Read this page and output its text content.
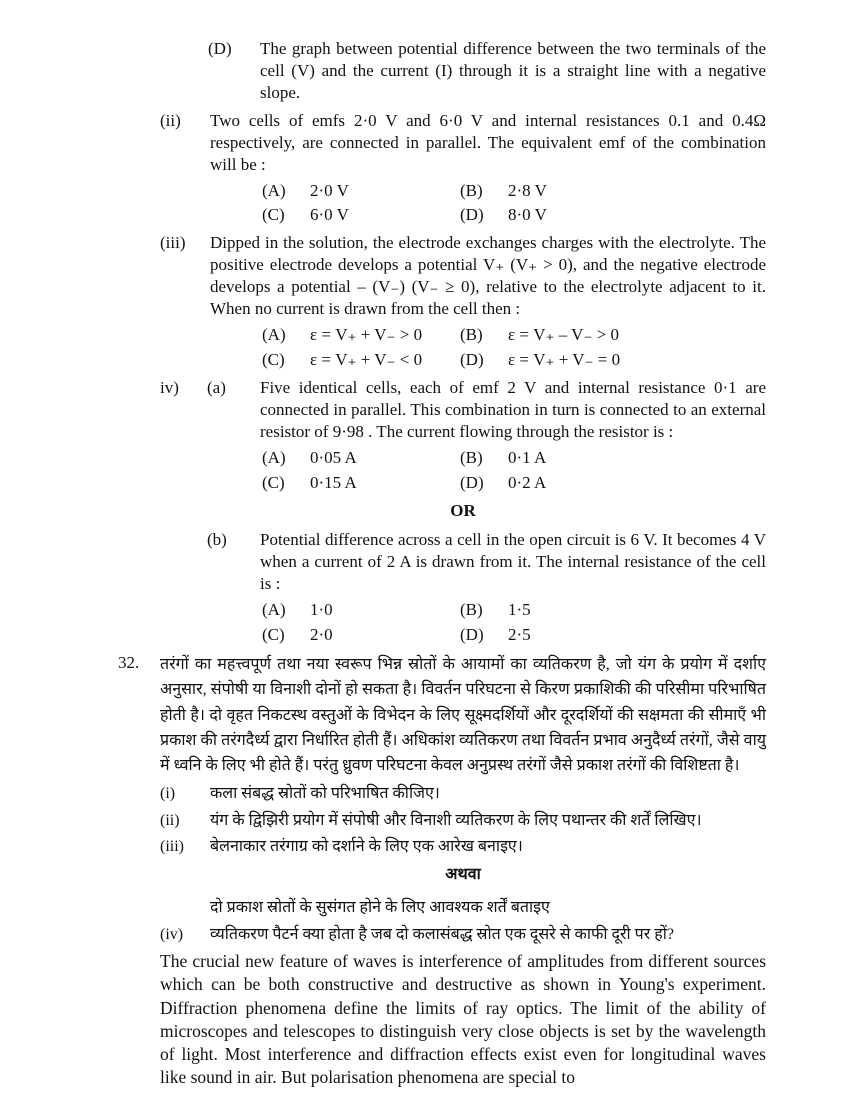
(D)	The graph between potential difference between the two terminals of the cell (V) and the current (I) through it is a straight line with a negative slope.
(ii)	Two cells of emfs 2·0 V and 6·0 V and internal resistances 0.1 and 0.4Ω respectively, are connected in parallel. The equivalent emf of the combination will be :
(A)	2·0 V	(B)	2·8 V
(C)	6·0 V	(D)	8·0 V
(iii)	Dipped in the solution, the electrode exchanges charges with the electrolyte. The positive electrode develops a potential V₊ (V₊ > 0), and the negative electrode develops a potential – (V₋) (V₋ ≥ 0), relative to the electrolyte adjacent to it. When no current is drawn from the cell then :
(A)	ε = V₊ + V₋ > 0	(B)	ε = V₊ – V₋ > 0
(C)	ε = V₊ + V₋ < 0	(D)	ε = V₊ + V₋ = 0
iv)	(a)	Five identical cells, each of emf 2 V and internal resistance 0·1 are connected in parallel. This combination in turn is connected to an external resistor of 9·98 . The current flowing through the resistor is :
(A)	0·05 A	(B)	0·1 A
(C)	0·15 A	(D)	0·2 A
OR
(b)	Potential difference across a cell in the open circuit is 6 V. It becomes 4 V when a current of 2 A is drawn from it. The internal resistance of the cell is :
(A)	1·0	(B)	1·5
(C)	2·0	(D)	2·5
32.	तरंगों का महत्त्वपूर्ण तथा नया स्वरूप भिन्न स्रोतों के आयामों का व्यतिकरण है, जो यंग के प्रयोग में दर्शाए अनुसार, संपोषी या विनाशी दोनों हो सकता है। विवर्तन परिघटना से किरण प्रकाशिकी की परिसीमा परिभाषित होती है। दो वृहत निकटस्थ वस्तुओं के विभेदन के लिए सूक्ष्मदर्शियों और दूरदर्शियों की सक्षमता की सीमाएँ भी प्रकाश की तरंगदैर्ध्य द्वारा निर्धारित होती हैं। अधिकांश व्यतिकरण तथा विवर्तन प्रभाव अनुदैर्ध्य तरंगों, जैसे वायु में ध्वनि के लिए भी होते हैं। परंतु ध्रुवण परिघटना केवल अनुप्रस्थ तरंगों जैसे प्रकाश तरंगों की विशिष्टता है।
(i)	कला संबद्ध स्रोतों को परिभाषित कीजिए।
(ii)	यंग के द्विझिरी प्रयोग में संपोषी और विनाशी व्यतिकरण के लिए पथान्तर की शर्तें लिखिए।
(iii)	बेलनाकार तरंगाग्र को दर्शाने के लिए एक आरेख बनाइए।
अथवा
दो प्रकाश स्रोतों के सुसंगत होने के लिए आवश्यक शर्तें बताइए
(iv)	व्यतिकरण पैटर्न क्या होता है जब दो कलासंबद्ध स्रोत एक दूसरे से काफी दूरी पर हों?
The crucial new feature of waves is interference of amplitudes from different sources which can be both constructive and destructive as shown in Young's experiment. Diffraction phenomena define the limits of ray optics. The limit of the ability of microscopes and telescopes to distinguish very close objects is set by the wavelength of light. Most interference and diffraction effects exist even for longitudinal waves like sound in air. But polarisation phenomena are special to
